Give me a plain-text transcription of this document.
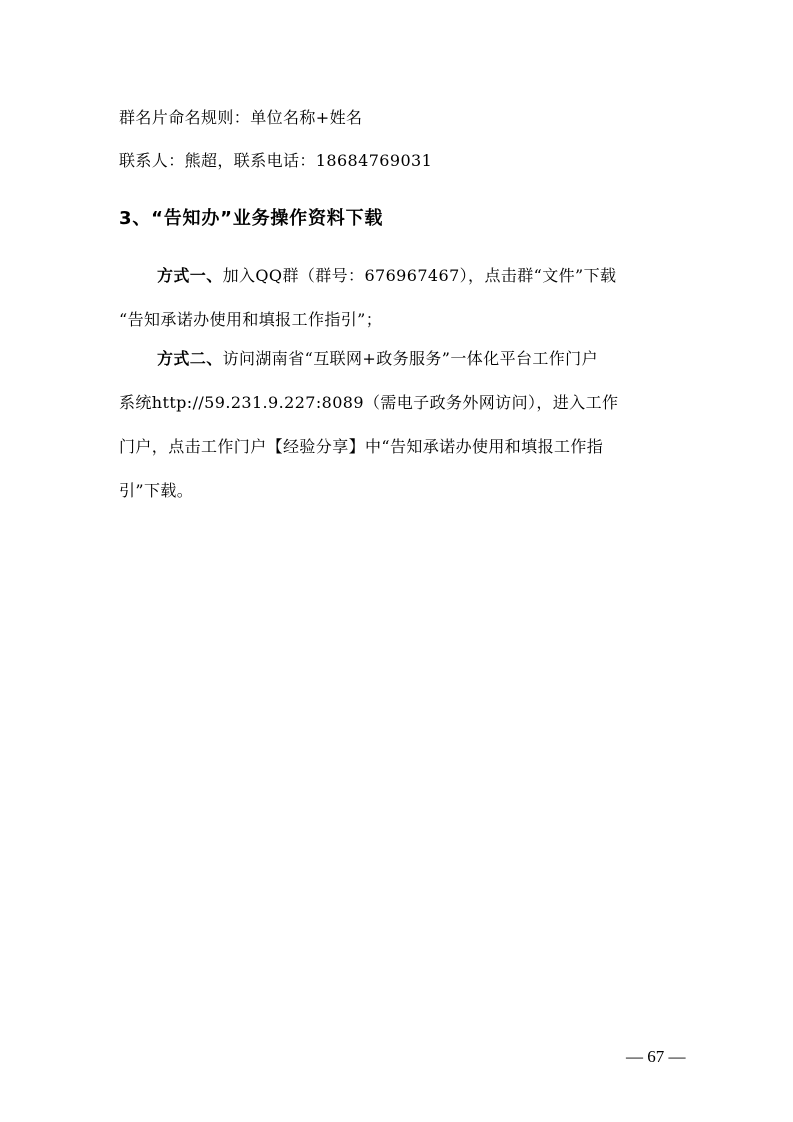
群名片命名规则：单位名称+姓名
联系人：熊超，联系电话：18684769031
3、“告知办”业务操作资料下载
方式一、加入QQ群（群号：676967467），点击群“文件”下载
“告知承诺办使用和填报工作指引”；
方式二、访问湖南省“互联网+政务服务”一体化平台工作门户
系统http://59.231.9.227:8089（需电子政务外网访问），进入工作
门户，点击工作门户【经验分享】中“告知承诺办使用和填报工作指
引”下载。
— 67 —
